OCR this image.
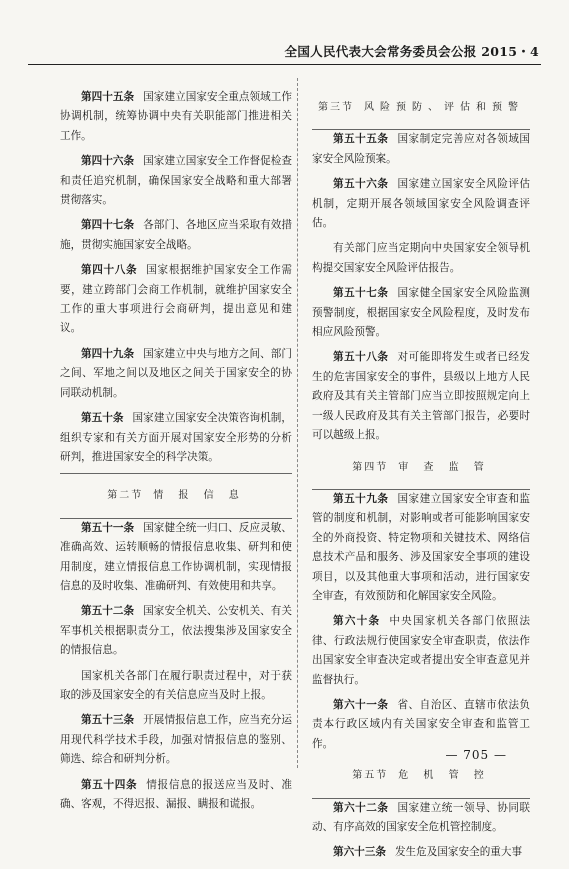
全国人民代表大会常务委员会公报 2015・4

第四十五条 国家建立国家安全重点领域工作协调机制，统筹协调中央有关职能部门推进相关工作。

第四十六条 国家建立国家安全工作督促检查和责任追究机制，确保国家安全战略和重大部署贯彻落实。

第四十七条 各部门、各地区应当采取有效措施，贯彻实施国家安全战略。

第四十八条 国家根据维护国家安全工作需要，建立跨部门会商工作机制，就维护国家安全工作的重大事项进行会商研判，提出意见和建议。

第四十九条 国家建立中央与地方之间、部门之间、军地之间以及地区之间关于国家安全的协同联动机制。

第五十条 国家建立国家安全决策咨询机制，组织专家和有关方面开展对国家安全形势的分析研判，推进国家安全的科学决策。

第二节 情 报 信 息

第五十一条 国家健全统一归口、反应灵敏、准确高效、运转顺畅的情报信息收集、研判和使用制度，建立情报信息工作协调机制，实现情报信息的及时收集、准确研判、有效使用和共享。

第五十二条 国家安全机关、公安机关、有关军事机关根据职责分工，依法搜集涉及国家安全的情报信息。

国家机关各部门在履行职责过程中，对于获取的涉及国家安全的有关信息应当及时上报。

第五十三条 开展情报信息工作，应当充分运用现代科学技术手段，加强对情报信息的鉴别、筛选、综合和研判分析。

第五十四条 情报信息的报送应当及时、准确、客观，不得迟报、漏报、瞒报和谎报。

第三节 风险预防、评估和预警

第五十五条 国家制定完善应对各领域国家安全风险预案。

第五十六条 国家建立国家安全风险评估机制，定期开展各领域国家安全风险调查评估。

有关部门应当定期向中央国家安全领导机构提交国家安全风险评估报告。

第五十七条 国家健全国家安全风险监测预警制度，根据国家安全风险程度，及时发布相应风险预警。

第五十八条 对可能即将发生或者已经发生的危害国家安全的事件，县级以上地方人民政府及其有关主管部门应当立即按照规定向上一级人民政府及其有关主管部门报告，必要时可以越级上报。

第四节 审 查 监 管

第五十九条 国家建立国家安全审查和监管的制度和机制，对影响或者可能影响国家安全的外商投资、特定物项和关键技术、网络信息技术产品和服务、涉及国家安全事项的建设项目，以及其他重大事项和活动，进行国家安全审查，有效预防和化解国家安全风险。

第六十条 中央国家机关各部门依照法律、行政法规行使国家安全审查职责，依法作出国家安全审查决定或者提出安全审查意见并监督执行。

第六十一条 省、自治区、直辖市依法负责本行政区域内有关国家安全审查和监管工作。

第五节 危 机 管 控

第六十二条 国家建立统一领导、协同联动、有序高效的国家安全危机管控制度。

第六十三条 发生危及国家安全的重大事

— 705 —
